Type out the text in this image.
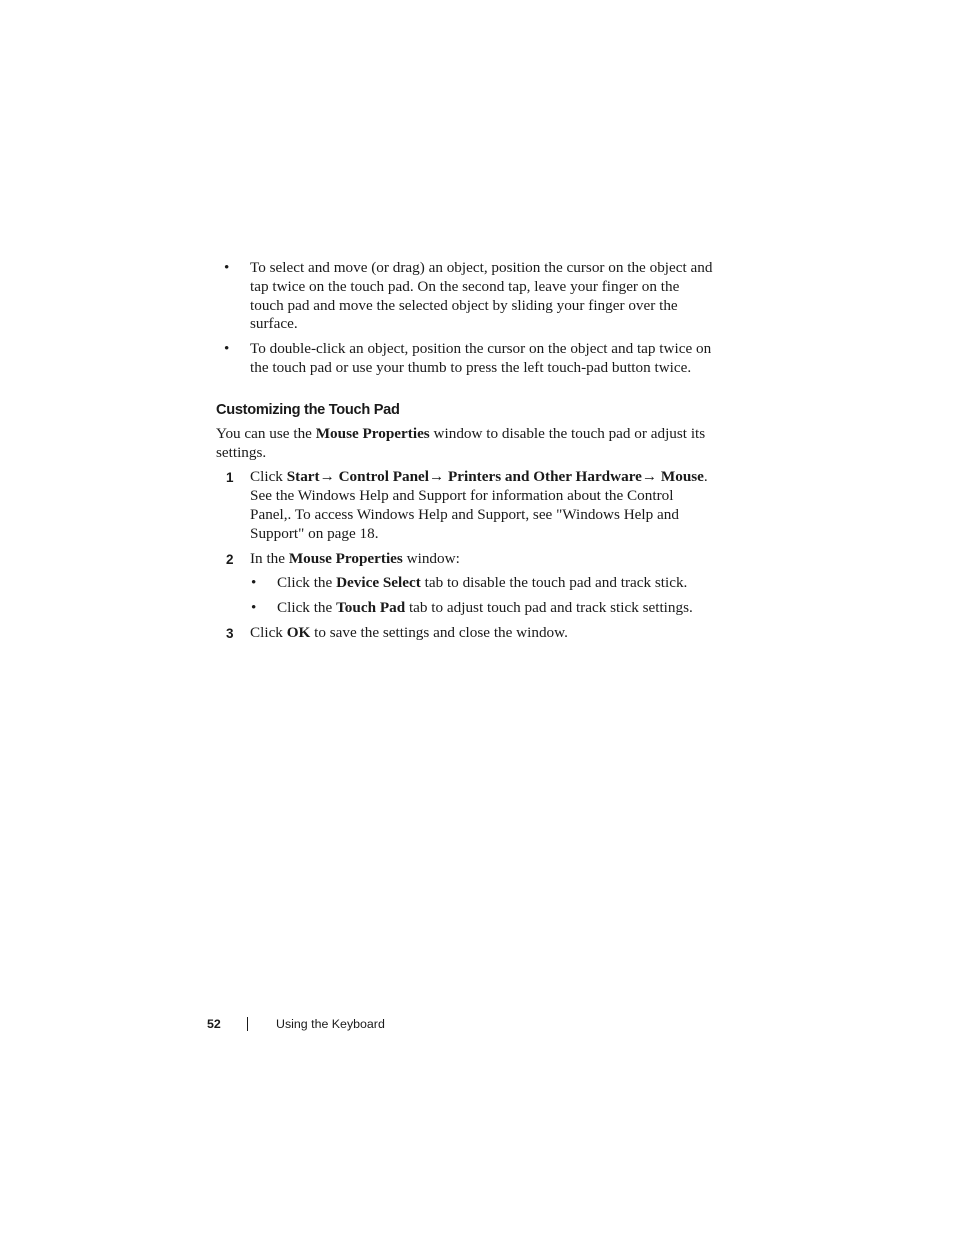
• To select and move (or drag) an object, position the cursor on the object and tap twice on the touch pad. On the second tap, leave your finger on the touch pad and move the selected object by sliding your finger over the surface.
• To double-click an object, position the cursor on the object and tap twice on the touch pad or use your thumb to press the left touch-pad button twice.
Customizing the Touch Pad

You can use the Mouse Properties window to disable the touch pad or adjust its settings.

1 Click Start→ Control Panel→ Printers and Other Hardware→ Mouse. See the Windows Help and Support for information about the Control Panel,. To access Windows Help and Support, see "Windows Help and Support" on page 18.
2 In the Mouse Properties window:
• Click the Device Select tab to disable the touch pad and track stick.
• Click the Touch Pad tab to adjust touch pad and track stick settings.
3 Click OK to save the settings and close the window.
52	Using the Keyboard
